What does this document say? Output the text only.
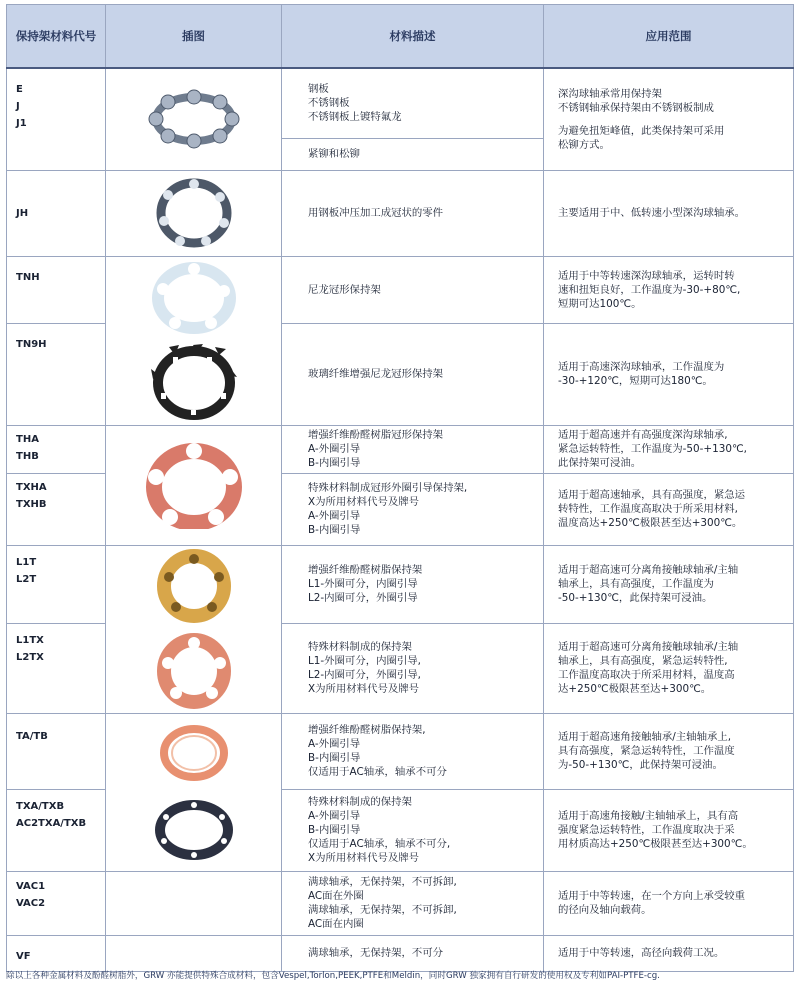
保持架材料代号	插图	材料描述	应用范围

E
J
J1		钢板
不锈钢板
不锈钢板上镀特氟龙	深沟球轴承常用保持架
不锈钢轴承保持架由不锈钢板制成
为避免扭矩峰值，此类保持架可采用
松铆方式。

		紧铆和松铆	

JH		用钢板冲压加工成冠状的零件	主要适用于中、低转速小型深沟球轴承。

TNH		尼龙冠形保持架	适用于中等转速深沟球轴承，运转时转
速和扭矩良好，工作温度为-30-+80℃,
短期可达100℃。

TN9H		玻璃纤维增强尼龙冠形保持架	适用于高速深沟球轴承，工作温度为
-30-+120℃，短期可达180℃。

THA
THB		增强纤维酚醛树脂冠形保持架
A-外圈引导
B-内圈引导	适用于超高速并有高强度深沟球轴承,
紧急运转特性，工作温度为-50-+130℃,
此保持架可浸油。

TXHA
TXHB		特殊材料制成冠形外圈引导保持架,
X为所用材料代号及牌号
A-外圈引导
B-内圈引导	适用于超高速轴承，具有高强度，紧急运
转特性，工作温度高取决于所采用材料,
温度高达+250℃极限甚至达+300℃。

L1T
L2T		增强纤维酚醛树脂保持架
L1-外圈可分，内圈引导
L2-内圈可分，外圈引导	适用于超高速可分离角接触球轴承/主轴
轴承上，具有高强度，工作温度为
-50-+130℃，此保持架可浸油。

L1TX
L2TX		特殊材料制成的保持架
L1-外圈可分，内圈引导,
L2-内圈可分，外圈引导,
X为所用材料代号及牌号	适用于超高速可分离角接触球轴承/主轴
轴承上，具有高强度，紧急运转特性,
工作温度高取决于所采用材料，温度高
达+250℃极限甚至达+300℃。

TA/TB		增强纤维酚醛树脂保持架,
A-外圈引导
B-内圈引导
仅适用于AC轴承，轴承不可分	适用于超高速角接触轴承/主轴轴承上,
具有高强度，紧急运转特性，工作温度
为-50-+130℃，此保持架可浸油。

TXA/TXB
AC2TXA/TXB		特殊材料制成的保持架
A-外圈引导
B-内圈引导
仅适用于AC轴承，轴承不可分,
X为所用材料代号及牌号	适用于高速角接触/主轴轴承上，具有高
强度紧急运转特性，工作温度取决于采
用材质高达+250℃极限甚至达+300℃。

VAC1
VAC2		满球轴承，无保持架，不可拆卸,
AC面在外圈
满球轴承，无保持架，不可拆卸,
AC面在内圈	适用于中等转速，在一个方向上承受较重
的径向及轴向载荷。

VF		满球轴承，无保持架，不可分	适用于中等转速，高径向载荷工况。
除以上各种金属材料及酚醛树脂外，GRW 亦能提供特殊合成材料，包含Vespel,Torlon,PEEK,PTFE和Meldin，同时GRW 独家拥有自行研发的使用权及专利如PAI-PTFE-cg.
